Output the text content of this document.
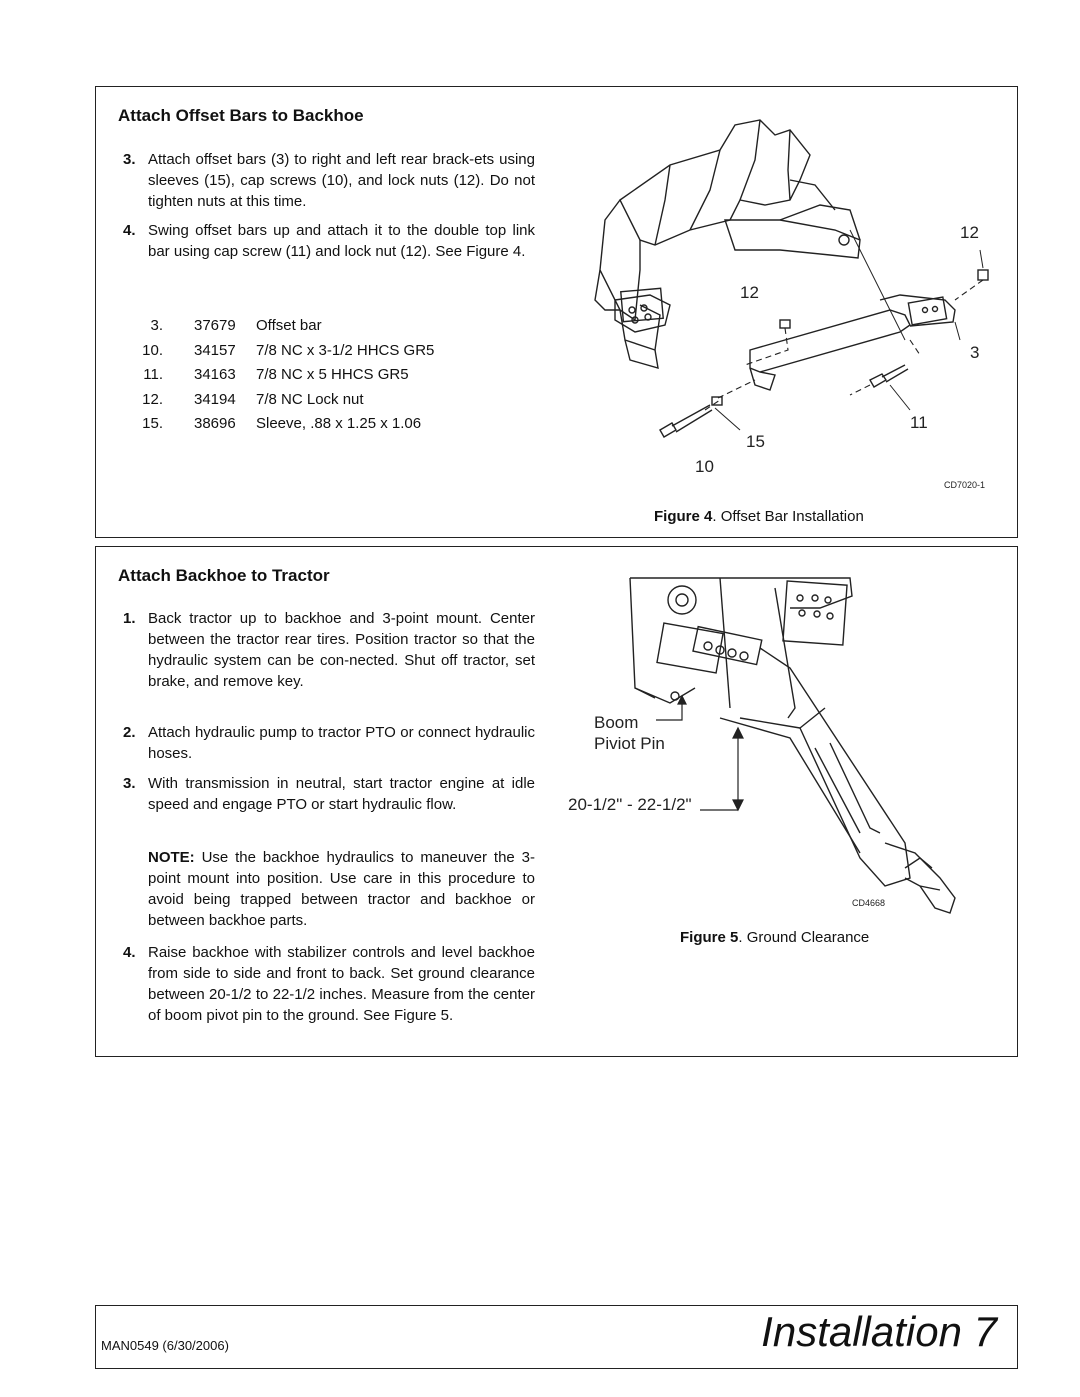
Attach Offset Bars to Backhoe
3. Attach offset bars (3) to right and left rear brack-ets using sleeves (15), cap screws (10), and lock nuts (12). Do not tighten nuts at this time.
4. Swing offset bars up and attach it to the double top link bar using cap screw (11) and lock nut (12). See Figure 4.
3. 37679 Offset bar
10. 34157 7/8 NC x 3-1/2 HHCS GR5
11. 34163 7/8 NC x 5 HHCS GR5
12. 34194 7/8 NC Lock nut
15. 38696 Sleeve, .88 x 1.25 x 1.06
12
12
3
11
15
10
CD7020-1
Figure 4. Offset Bar Installation
Attach Backhoe to Tractor
1. Back tractor up to backhoe and 3-point mount. Center between the tractor rear tires. Position tractor so that the hydraulic system can be con-nected. Shut off tractor, set brake, and remove key.
2. Attach hydraulic pump to tractor PTO or connect hydraulic hoses.
3. With transmission in neutral, start tractor engine at idle speed and engage PTO or start hydraulic flow.
NOTE: Use the backhoe hydraulics to maneuver the 3-point mount into position. Use care in this procedure to avoid being trapped between tractor and backhoe or between backhoe parts.
4. Raise backhoe with stabilizer controls and level backhoe from side to side and front to back. Set ground clearance between 20-1/2 to 22-1/2 inches. Measure from the center of boom pivot pin to the ground. See Figure 5.
Boom
Piviot Pin
20-1/2" - 22-1/2"
CD4668
Figure 5. Ground Clearance
MAN0549 (6/30/2006)	Installation 7
